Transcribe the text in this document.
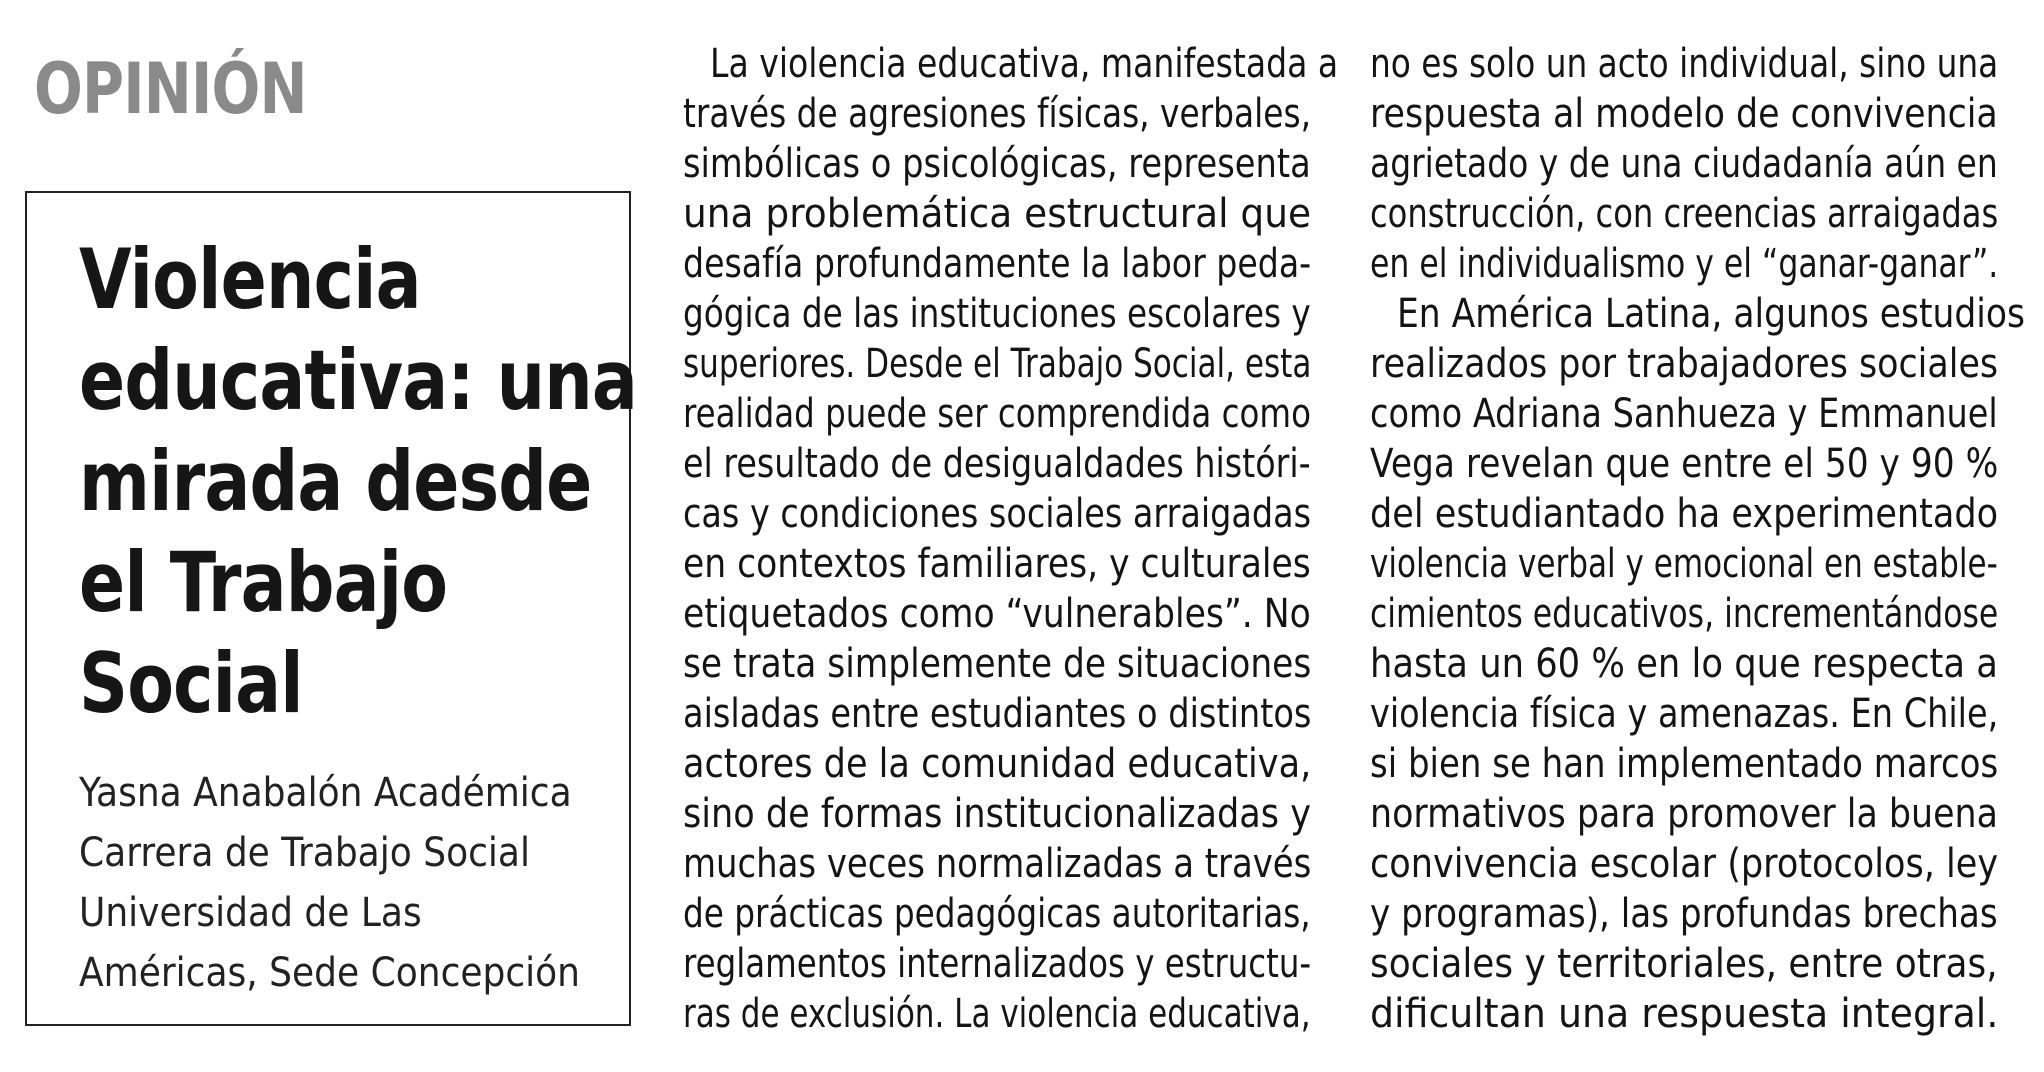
OPINIÓN
Violencia
educativa: una
mirada desde
el Trabajo
Social
Yasna Anabalón Académica
Carrera de Trabajo Social
Universidad de Las
Américas, Sede Concepción
La violencia educativa, manifestada a
través de agresiones físicas, verbales,
simbólicas o psicológicas, representa
una problemática estructural que
desafía profundamente la labor peda-
gógica de las instituciones escolares y
superiores. Desde el Trabajo Social, esta
realidad puede ser comprendida como
el resultado de desigualdades históri-
cas y condiciones sociales arraigadas
en contextos familiares, y culturales
etiquetados como “vulnerables”. No
se trata simplemente de situaciones
aisladas entre estudiantes o distintos
actores de la comunidad educativa,
sino de formas institucionalizadas y
muchas veces normalizadas a través
de prácticas pedagógicas autoritarias,
reglamentos internalizados y estructu-
ras de exclusión. La violencia educativa,
no es solo un acto individual, sino una
respuesta al modelo de convivencia
agrietado y de una ciudadanía aún en
construcción, con creencias arraigadas
en el individualismo y el “ganar-ganar”.
En América Latina, algunos estudios
realizados por trabajadores sociales
como Adriana Sanhueza y Emmanuel
Vega revelan que entre el 50 y 90 %
del estudiantado ha experimentado
violencia verbal y emocional en estable-
cimientos educativos, incrementándose
hasta un 60 % en lo que respecta a
violencia física y amenazas. En Chile,
si bien se han implementado marcos
normativos para promover la buena
convivencia escolar (protocolos, ley
y programas), las profundas brechas
sociales y territoriales, entre otras,
dificultan una respuesta integral.
